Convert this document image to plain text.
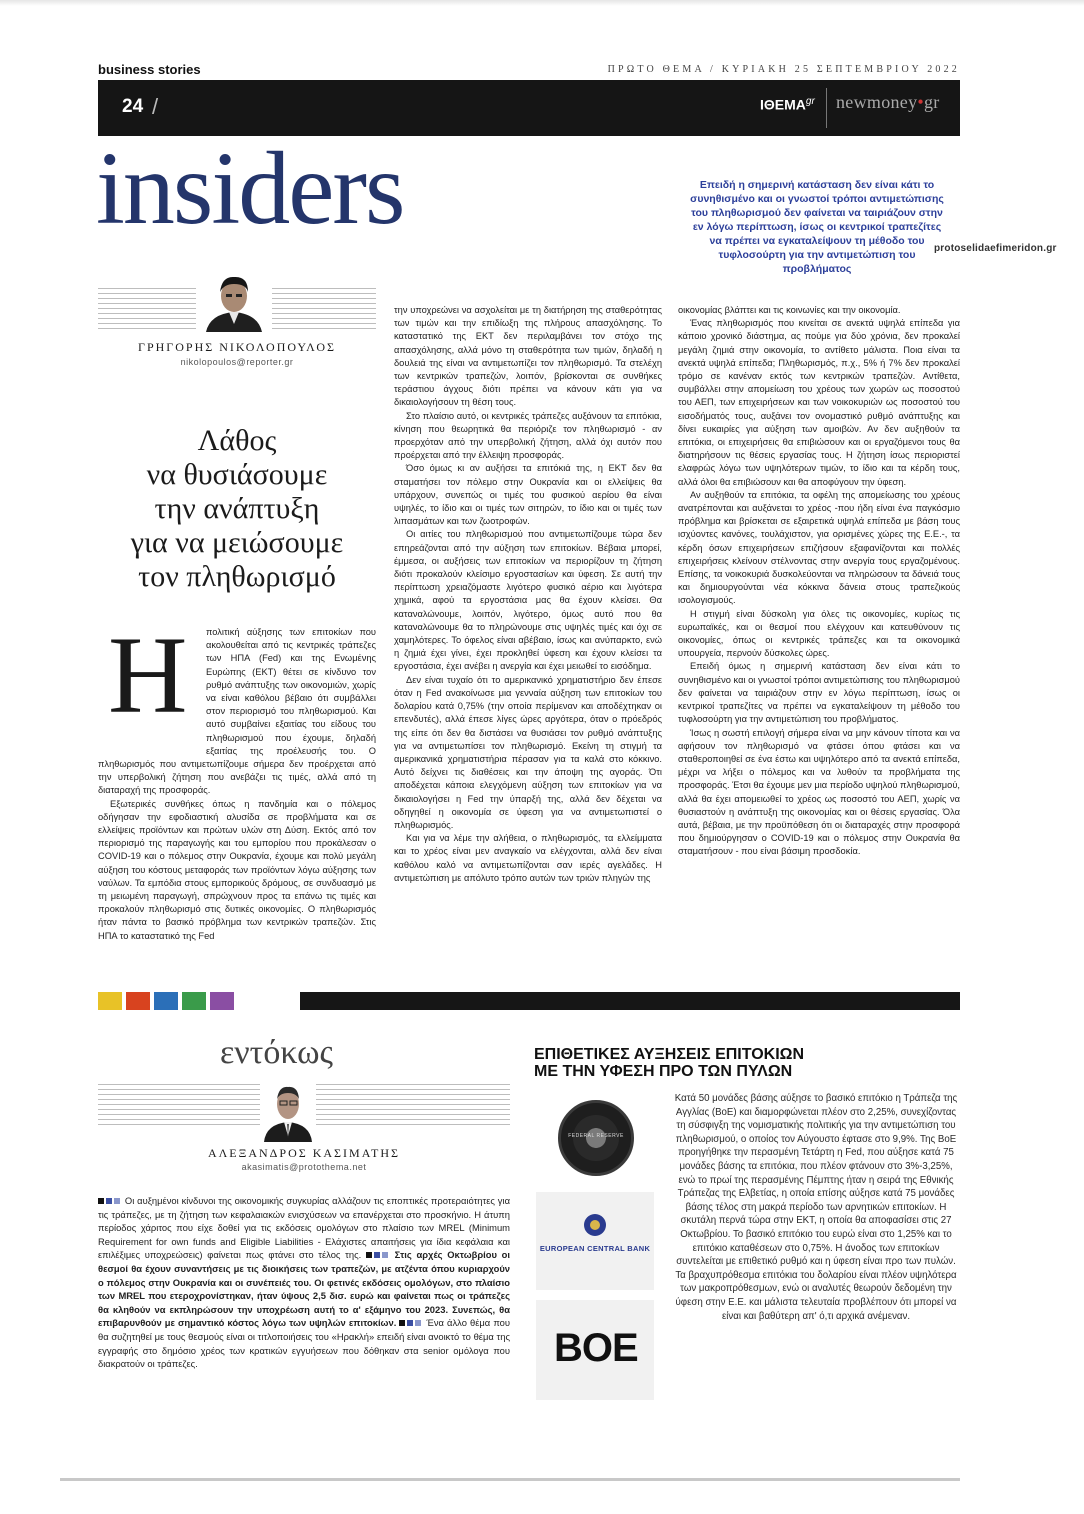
business stories	ΠΡΩΤΟ ΘΕΜΑ / ΚΥΡΙΑΚΗ 25 ΣΕΠΤΕΜΒΡΙΟΥ 2022
24 /	$I\Theta EMA^{gr}$ newmoney•gr
insiders	Επειδή η σημερινή κατάσταση δεν είναι κάτι το συνηθισμένο και οι γνωστοί τρόποι αντιμετώπισης του πληθωρισμού δεν φαίνεται να ταιριάζουν στην εν λόγω περίπτωση, ίσως οι κεντρικοί τραπεζίτες να πρέπει να εγκαταλείψουν τη μέθοδο του τυφλοσούρτη για την αντιμετώπιση του προβλήματος
protoselidaefimeridon.gr
ΓΡΗΓΟΡΗΣ ΝΙΚΟΛΟΠΟΥΛΟΣ
nikolopoulos@reporter.gr
Λάθος
να θυσιάσουμε
την ανάπτυξη
για να μειώσουμε
τον πληθωρισμό
Η	πολιτική αύξησης των επιτοκίων που ακολουθείται από τις κεντρικές τράπεζες των ΗΠΑ (Fed) και της Ενωμένης Ευρώπης (ΕΚΤ) θέτει σε κίνδυνο τον ρυθμό ανάπτυξης των οικονομιών, χωρίς να είναι καθόλου βέβαιο ότι συμβάλλει στον περιορισμό του πληθωρισμού. Και αυτό συμβαίνει εξαιτίας του είδους του πληθωρισμού που έχουμε, δηλαδή εξαιτίας της προέλευσής του. Ο πληθωρισμός που αντιμετωπίζουμε σήμερα δεν προέρχεται από την υπερβολική ζήτηση που ανεβάζει τις τιμές, αλλά από τη διαταραχή της προσφοράς.

Εξωτερικές συνθήκες όπως η πανδημία και ο πόλεμος οδήγησαν την εφοδιαστική αλυσίδα σε προβλήματα και σε ελλείψεις προϊόντων και πρώτων υλών στη Δύση. Εκτός από τον περιορισμό της παραγωγής και του εμπορίου που προκάλεσαν ο COVID-19 και ο πόλεμος στην Ουκρανία, έχουμε και πολύ μεγάλη αύξηση του κόστους μεταφοράς των προϊόντων λόγω αύξησης των ναύλων. Τα εμπόδια στους εμπορικούς δρόμους, σε συνδυασμό με τη μειωμένη παραγωγή, σπρώχνουν προς τα επάνω τις τιμές και προκαλούν πληθωρισμό στις δυτικές οικονομίες. Ο πληθωρισμός ήταν πάντα το βασικό πρόβλημα των κεντρικών τραπεζών. Στις ΗΠΑ το καταστατικό της Fed

την υποχρεώνει να ασχολείται με τη διατήρηση της σταθερότητας των τιμών και την επιδίωξη της πλήρους απασχόλησης. Το καταστατικό της ΕΚΤ δεν περιλαμβάνει τον στόχο της απασχόλησης, αλλά μόνο τη σταθερότητα των τιμών, δηλαδή η δουλειά της είναι να αντιμετωπίζει τον πληθωρισμό. Τα στελέχη των κεντρικών τραπεζών, λοιπόν, βρίσκονται σε συνθήκες τεράστιου άγχους διότι πρέπει να κάνουν κάτι για να δικαιολογήσουν τη θέση τους.

Στο πλαίσιο αυτό, οι κεντρικές τράπεζες αυξάνουν τα επιτόκια, κίνηση που θεωρητικά θα περιόριζε τον πληθωρισμό - αν προερχόταν από την υπερβολική ζήτηση, αλλά όχι αυτόν που προέρχεται από την έλλειψη προσφοράς.

Όσο όμως κι αν αυξήσει τα επιτόκιά της, η ΕΚΤ δεν θα σταματήσει τον πόλεμο στην Ουκρανία και οι ελλείψεις θα υπάρχουν, συνεπώς οι τιμές του φυσικού αερίου θα είναι υψηλές, το ίδιο και οι τιμές των σιτηρών, το ίδιο και οι τιμές των λιπασμάτων και των ζωοτροφών.

Οι αιτίες του πληθωρισμού που αντιμετωπίζουμε τώρα δεν επηρεάζονται από την αύξηση των επιτοκίων. Βέβαια μπορεί, έμμεσα, οι αυξήσεις των επιτοκίων να περιορίζουν τη ζήτηση διότι προκαλούν κλείσιμο εργοστασίων και ύφεση. Σε αυτή την περίπτωση χρειαζόμαστε λιγότερο φυσικό αέριο και λιγότερα χημικά, αφού τα εργοστάσια μας θα έχουν κλείσει. Θα καταναλώνουμε, λοιπόν, λιγότερο, όμως αυτό που θα καταναλώνουμε θα το πληρώνουμε στις υψηλές τιμές και όχι σε χαμηλότερες. Το όφελος είναι αβέβαιο, ίσως και ανύπαρκτο, ενώ η ζημιά έχει γίνει, έχει προκληθεί ύφεση και έχουν κλείσει τα εργοστάσια, έχει ανέβει η ανεργία και έχει μειωθεί το εισόδημα.

Δεν είναι τυχαίο ότι το αμερικανικό χρηματιστήριο δεν έπεσε όταν η Fed ανακοίνωσε μια γενναία αύξηση των επιτοκίων του δολαρίου κατά 0,75% (την οποία περίμεναν και αποδέχτηκαν οι επενδυτές), αλλά έπεσε λίγες ώρες αργότερα, όταν ο πρόεδρός της είπε ότι δεν θα διστάσει να θυσιάσει τον ρυθμό ανάπτυξης για να αντιμετωπίσει τον πληθωρισμό. Εκείνη τη στιγμή τα αμερικανικά χρηματιστήρια πέρασαν για τα καλά στο κόκκινο. Αυτό δείχνει τις διαθέσεις και την άποψη της αγοράς. Ότι αποδέχεται κάποια ελεγχόμενη αύξηση των επιτοκίων για να δικαιολογήσει η Fed την ύπαρξή της, αλλά δεν δέχεται να οδηγηθεί η οικονομία σε ύφεση για να αντιμετωπιστεί ο πληθωρισμός.

Και για να λέμε την αλήθεια, ο πληθωρισμός, τα ελλείμματα και το χρέος είναι μεν αναγκαίο να ελέγχονται, αλλά δεν είναι καθόλου καλό να αντιμετωπίζονται σαν ιερές αγελάδες. Η αντιμετώπιση με απόλυτο τρόπο αυτών των τριών πληγών της

οικονομίας βλάπτει και τις κοινωνίες και την οικονομία.

Ένας πληθωρισμός που κινείται σε ανεκτά υψηλά επίπεδα για κάποιο χρονικό διάστημα, ας πούμε για δύο χρόνια, δεν προκαλεί μεγάλη ζημιά στην οικονομία, το αντίθετο μάλιστα. Ποια είναι τα ανεκτά υψηλά επίπεδα; Πληθωρισμός, π.χ., 5% ή 7% δεν προκαλεί τρόμο σε κανέναν εκτός των κεντρικών τραπεζών. Αντίθετα, συμβάλλει στην απομείωση του χρέους των χωρών ως ποσοστού του ΑΕΠ, των επιχειρήσεων και των νοικοκυριών ως ποσοστού του εισοδήματός τους, αυξάνει τον ονομαστικό ρυθμό ανάπτυξης και δίνει ευκαιρίες για αύξηση των αμοιβών. Αν δεν αυξηθούν τα επιτόκια, οι επιχειρήσεις θα επιβιώσουν και οι εργαζόμενοι τους θα διατηρήσουν τις θέσεις εργασίας τους. Η ζήτηση ίσως περιοριστεί ελαφρώς λόγω των υψηλότερων τιμών, το ίδιο και τα κέρδη τους, αλλά όλοι θα επιβιώσουν και θα αποφύγουν την ύφεση.

Αν αυξηθούν τα επιτόκια, τα οφέλη της απομείωσης του χρέους ανατρέπονται και αυξάνεται το χρέος -που ήδη είναι ένα παγκόσμιο πρόβλημα και βρίσκεται σε εξαιρετικά υψηλά επίπεδα με βάση τους ισχύοντες κανόνες, τουλάχιστον, για ορισμένες χώρες της Ε.Ε.-, τα κέρδη όσων επιχειρήσεων επιζήσουν εξαφανίζονται και πολλές επιχειρήσεις κλείνουν στέλνοντας στην ανεργία τους εργαζομένους. Επίσης, τα νοικοκυριά δυσκολεύονται να πληρώσουν τα δάνειά τους και δημιουργούνται νέα κόκκινα δάνεια στους τραπεζικούς ισολογισμούς.

Η στιγμή είναι δύσκολη για όλες τις οικονομίες, κυρίως τις ευρωπαϊκές, και οι θεσμοί που ελέγχουν και κατευθύνουν τις οικονομίες, όπως οι κεντρικές τράπεζες και τα οικονομικά υπουργεία, περνούν δύσκολες ώρες.

Επειδή όμως η σημερινή κατάσταση δεν είναι κάτι το συνηθισμένο και οι γνωστοί τρόποι αντιμετώπισης του πληθωρισμού δεν φαίνεται να ταιριάζουν στην εν λόγω περίπτωση, ίσως οι κεντρικοί τραπεζίτες να πρέπει να εγκαταλείψουν τη μέθοδο του τυφλοσούρτη για την αντιμετώπιση του προβλήματος.

Ίσως η σωστή επιλογή σήμερα είναι να μην κάνουν τίποτα και να αφήσουν τον πληθωρισμό να φτάσει όπου φτάσει και να σταθεροποιηθεί σε ένα έστω και υψηλότερο από τα ανεκτά επίπεδα, μέχρι να λήξει ο πόλεμος και να λυθούν τα προβλήματα της προσφοράς. Έτσι θα έχουμε μεν μια περίοδο υψηλού πληθωρισμού, αλλά θα έχει απομειωθεί το χρέος ως ποσοστό του ΑΕΠ, χωρίς να θυσιαστούν η ανάπτυξη της οικονομίας και οι θέσεις εργασίας. Όλα αυτά, βέβαια, με την προϋπόθεση ότι οι διαταραχές στην προσφορά που δημιούργησαν ο COVID-19 και ο πόλεμος στην Ουκρανία θα σταματήσουν - που είναι βάσιμη προσδοκία.

εντόκως
ΑΛΕΞΑΝΔΡΟΣ ΚΑΣΙΜΑΤΗΣ
akasimatis@protothema.net

Οι αυξημένοι κίνδυνοι της οικονομικής συγκυρίας αλλάζουν τις εποπτικές προτεραιότητες για τις τράπεζες, με τη ζήτηση των κεφαλαιακών ενισχύσεων να επανέρχεται στο προσκήνιο. Η άτυπη περίοδος χάριτος που είχε δοθεί για τις εκδόσεις ομολόγων στο πλαίσιο των MREL (Minimum Requirement for own funds and Eligible Liabilities - Ελάχιστες απαιτήσεις για ίδια κεφάλαια και επιλέξιμες υποχρεώσεις) φαίνεται πως φτάνει στο τέλος της.	Στις αρχές Οκτωβρίου οι θεσμοί θα έχουν συναντήσεις με τις διοικήσεις των τραπεζών, με ατζέντα όπου κυριαρχούν ο πόλεμος στην Ουκρανία και οι συνέπειές του. Οι φετινές εκδόσεις ομολόγων, στο πλαίσιο των MREL που ετεροχρονίστηκαν, ήταν ύψους 2,5 δισ. ευρώ και φαίνεται πως οι τράπεζες θα κληθούν να εκπληρώσουν την υποχρέωση αυτή το α' εξάμηνο του 2023. Συνεπώς, θα επιβαρυνθούν με σημαντικό κόστος λόγω των υψηλών επιτοκίων.	Ένα άλλο θέμα που θα συζητηθεί με τους θεσμούς είναι οι τιτλοποιήσεις του «Ηρακλή» επειδή είναι ανοικτό το θέμα της εγγραφής στο δημόσιο χρέος των κρατικών εγγυήσεων που δόθηκαν στα senior ομόλογα που διακρατούν οι τράπεζες.

ΕΠΙΘΕΤΙΚΕΣ ΑΥΞΗΣΕΙΣ ΕΠΙΤΟΚΙΩΝ
ΜΕ ΤΗΝ ΥΦΕΣΗ ΠΡΟ ΤΩΝ ΠΥΛΩΝ
FEDERAL RESERVE
EUROPEAN CENTRAL BANK
BOE
Κατά 50 μονάδες βάσης αύξησε το βασικό επιτόκιο η Τράπεζα της Αγγλίας (BoE) και διαμορφώνεται πλέον στο 2,25%, συνεχίζοντας τη σύσφιγξη της νομισματικής πολιτικής για την αντιμετώπιση του πληθωρισμού, ο οποίος τον Αύγουστο έφτασε στο 9,9%. Της BoE προηγήθηκε την περασμένη Τετάρτη η Fed, που αύξησε κατά 75 μονάδες βάσης τα επιτόκια, που πλέον φτάνουν στο 3%-3,25%, ενώ το πρωί της περασμένης Πέμπτης ήταν η σειρά της Εθνικής Τράπεζας της Ελβετίας, η οποία επίσης αύξησε κατά 75 μονάδες βάσης τέλος στη μακρά περίοδο των αρνητικών επιτοκίων. Η σκυτάλη περνά τώρα στην ΕΚΤ, η οποία θα αποφασίσει στις 27 Οκτωβρίου. Το βασικό επιτόκιο του ευρώ είναι στο 1,25% και το επιτόκιο καταθέσεων στο 0,75%. Η άνοδος των επιτοκίων συντελείται με επιθετικό ρυθμό και η ύφεση είναι προ των πυλών. Τα βραχυπρόθεσμα επιτόκια του δολαρίου είναι πλέον υψηλότερα των μακροπρόθεσμων, ενώ οι αναλυτές θεωρούν δεδομένη την ύφεση στην Ε.Ε. και μάλιστα τελευταία προβλέπουν ότι μπορεί να είναι και βαθύτερη απ' ό,τι αρχικά ανέμεναν.
